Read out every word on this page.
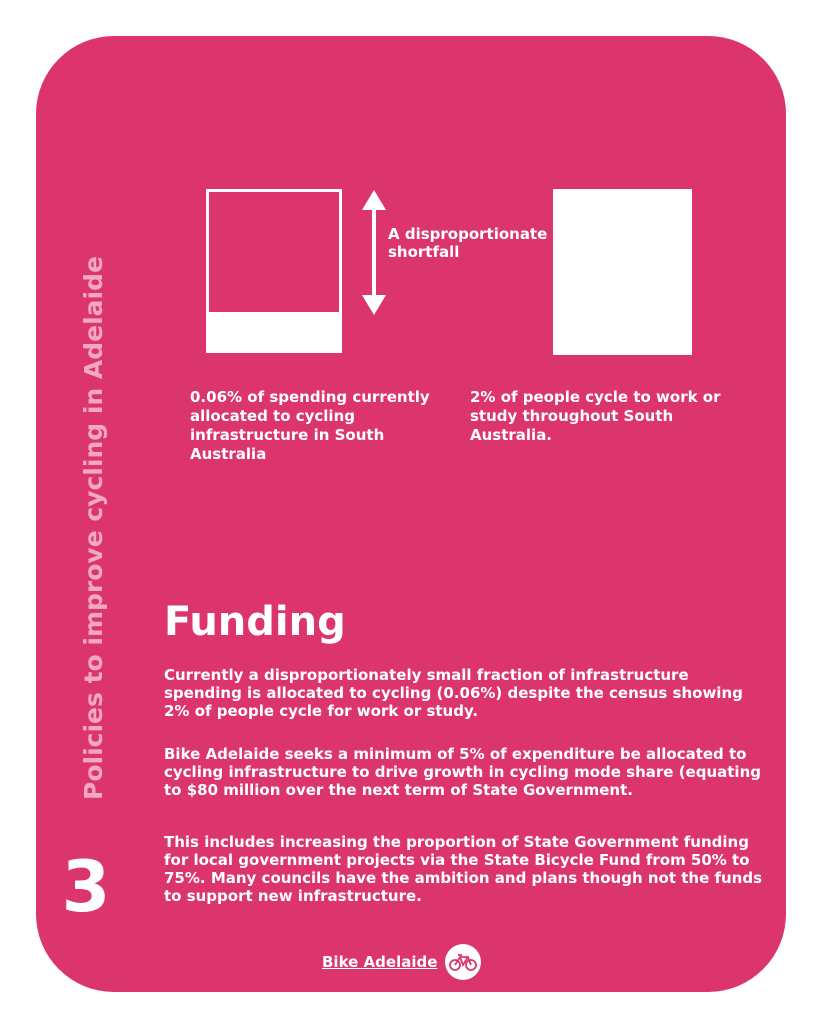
Policies to improve cycling in Adelaide
3
A disproportionate shortfall
0.06% of spending currently allocated to cycling infrastructure in South Australia
2% of people cycle to work or study throughout South Australia.
Funding

Currently a disproportionately small fraction of infrastructure spending is allocated to cycling (0.06%) despite the census showing 2% of people cycle for work or study.

Bike Adelaide seeks a minimum of 5% of expenditure be allocated to cycling infrastructure to drive growth in cycling mode share (equating to $80 million over the next term of State Government.

This includes increasing the proportion of State Government funding for local government projects via the State Bicycle Fund from 50% to 75%. Many councils have the ambition and plans though not the funds to support new infrastructure.

Bike Adelaide
